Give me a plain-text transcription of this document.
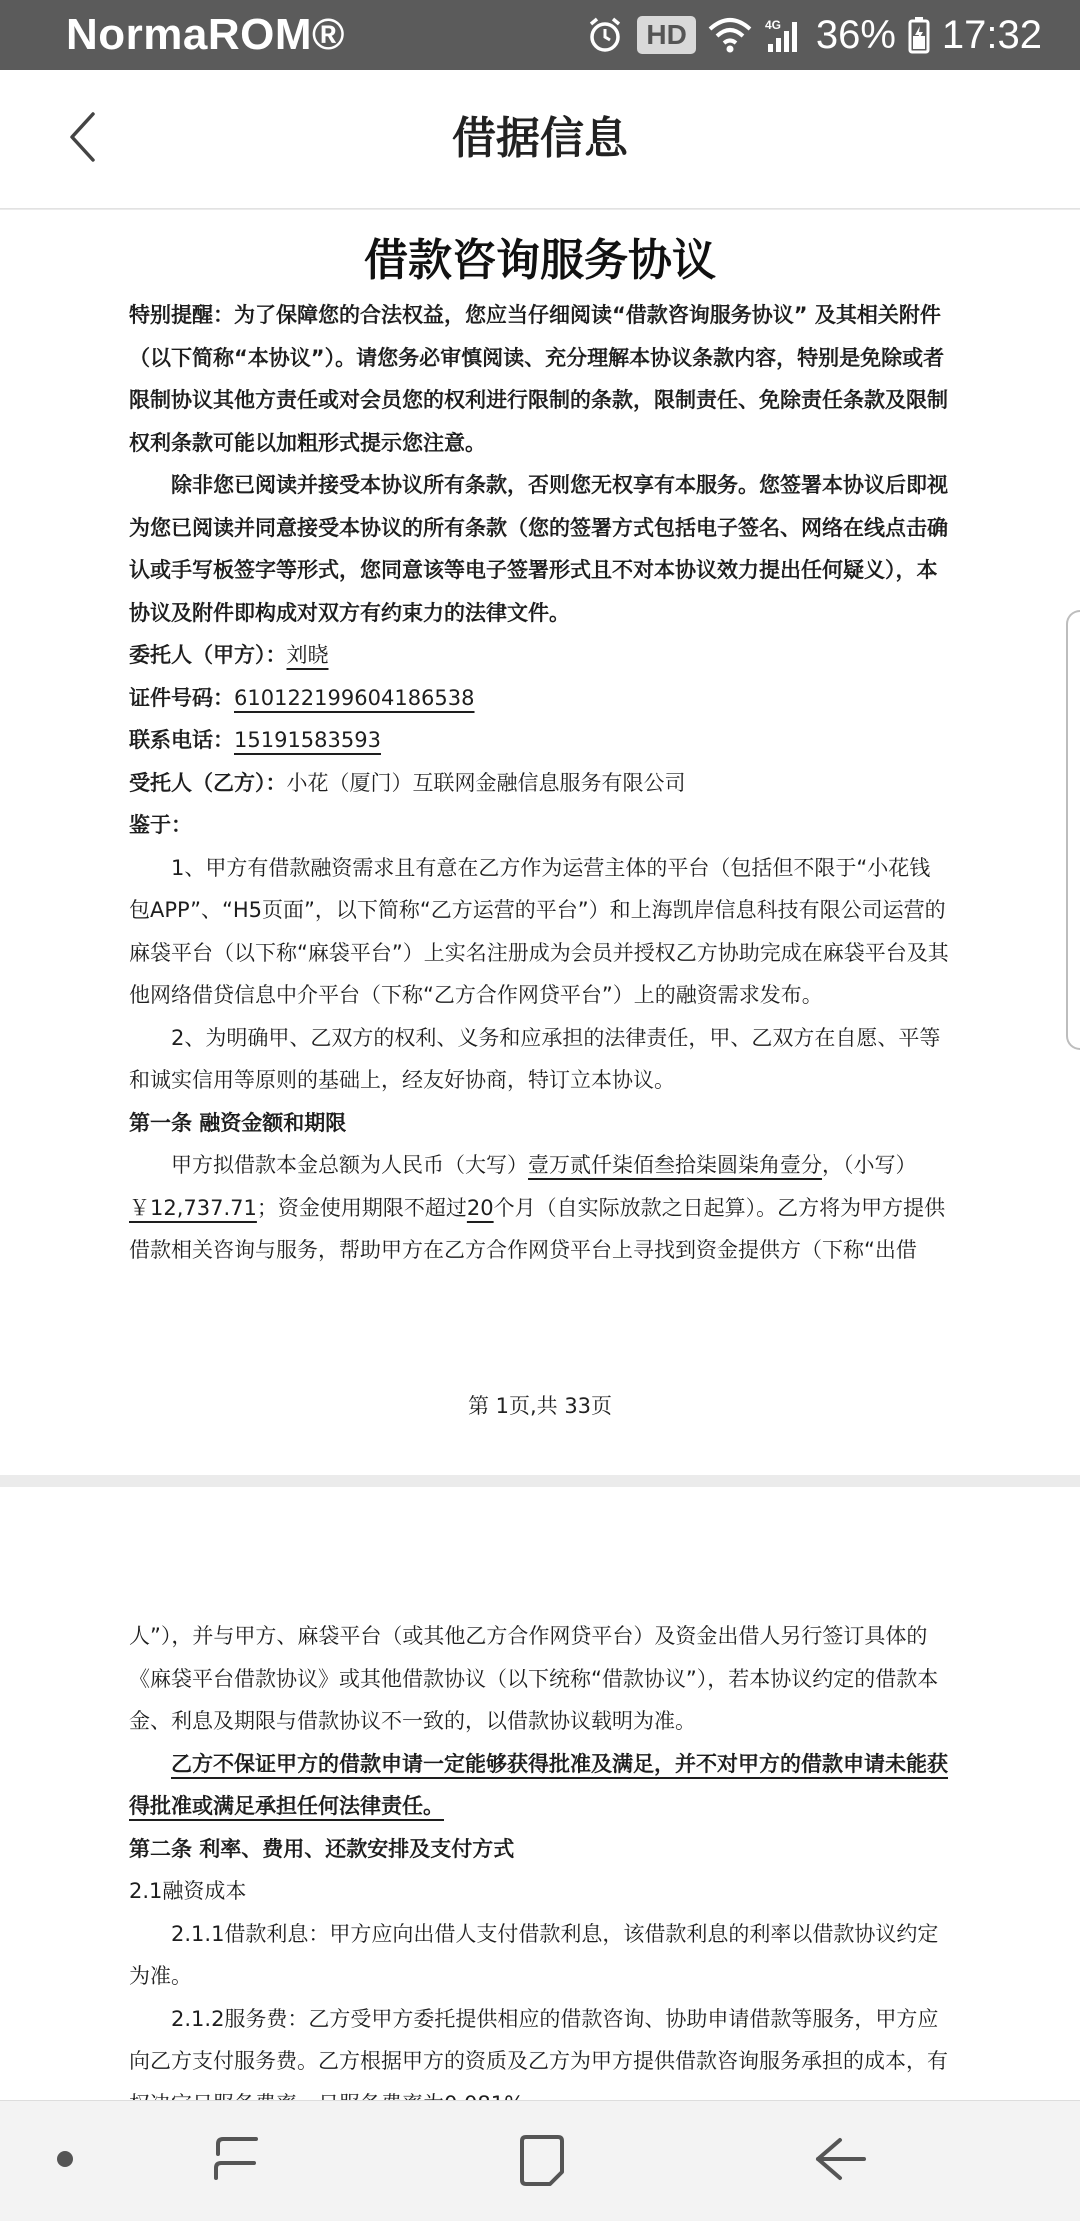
NormaROM®	HD	4G 36% 17:32
借据信息
借款咨询服务协议

特别提醒：为了保障您的合法权益，您应当仔细阅读“借款咨询服务协议” 及其相关附件（以下简称“本协议”）。请您务必审慎阅读、充分理解本协议条款内容，特别是免除或者限制协议其他方责任或对会员您的权利进行限制的条款，限制责任、免除责任条款及限制权利条款可能以加粗形式提示您注意。

除非您已阅读并接受本协议所有条款，否则您无权享有本服务。您签署本协议后即视为您已阅读并同意接受本协议的所有条款（您的签署方式包括电子签名、网络在线点击确认或手写板签字等形式，您同意该等电子签署形式且不对本协议效力提出任何疑义），本协议及附件即构成对双方有约束力的法律文件。

委托人（甲方）：刘晓

证件号码：610122199604186538

联系电话：15191583593

受托人（乙方）：小花（厦门）互联网金融信息服务有限公司

鉴于：

1、甲方有借款融资需求且有意在乙方作为运营主体的平台（包括但不限于“小花钱包APP”、“H5页面”，以下简称“乙方运营的平台”）和上海凯岸信息科技有限公司运营的麻袋平台（以下称“麻袋平台”）上实名注册成为会员并授权乙方协助完成在麻袋平台及其他网络借贷信息中介平台（下称“乙方合作网贷平台”）上的融资需求发布。

2、为明确甲、乙双方的权利、义务和应承担的法律责任，甲、乙双方在自愿、平等和诚实信用等原则的基础上，经友好协商，特订立本协议。

第一条 融资金额和期限

甲方拟借款本金总额为人民币（大写）壹万贰仟柒佰叁拾柒圆柒角壹分，（小写）￥12,737.71；资金使用期限不超过20个月（自实际放款之日起算）。乙方将为甲方提供借款相关咨询与服务，帮助甲方在乙方合作网贷平台上寻找到资金提供方（下称“出借

第 1页,共 33页

人”），并与甲方、麻袋平台（或其他乙方合作网贷平台）及资金出借人另行签订具体的《麻袋平台借款协议》或其他借款协议（以下统称“借款协议”），若本协议约定的借款本金、利息及期限与借款协议不一致的，以借款协议载明为准。

乙方不保证甲方的借款申请一定能够获得批准及满足，并不对甲方的借款申请未能获得批准或满足承担任何法律责任。

第二条 利率、费用、还款安排及支付方式

2.1融资成本

2.1.1借款利息：甲方应向出借人支付借款利息，该借款利息的利率以借款协议约定为准。

2.1.2服务费：乙方受甲方委托提供相应的借款咨询、协助申请借款等服务，甲方应向乙方支付服务费。乙方根据甲方的资质及乙方为甲方提供借款咨询服务承担的成本，有
